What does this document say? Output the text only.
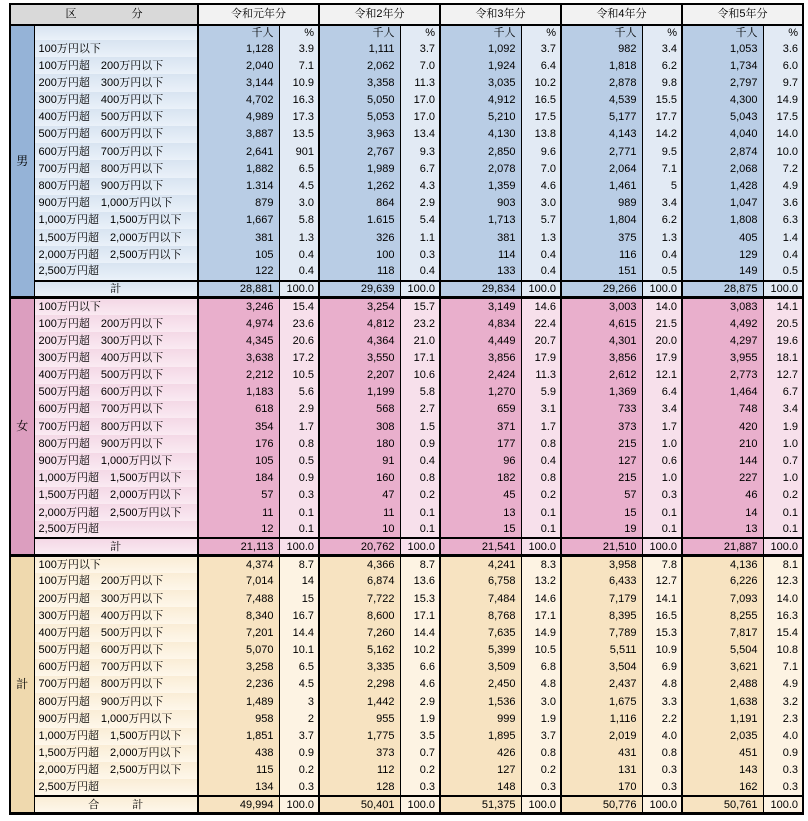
区　　　　　分		令和元年分		令和2年分		令和3年分		令和4年分		令和5年分	
男		千人	%	千人	%	千人	%	千人	%	千人	%
	100万円以下	1,128	3.9	1,111	3.7	1,092	3.7	982	3.4	1,053	3.6
	100万円超　200万円以下	2,040	7.1	2,062	7.0	1,924	6.4	1,818	6.2	1,734	6.0
	200万円超　300万円以下	3,144	10.9	3,358	11.3	3,035	10.2	2,878	9.8	2,797	9.7
	300万円超　400万円以下	4,702	16.3	5,050	17.0	4,912	16.5	4,539	15.5	4,300	14.9
	400万円超　500万円以下	4,989	17.3	5,053	17.0	5,210	17.5	5,177	17.7	5,043	17.5
	500万円超　600万円以下	3,887	13.5	3,963	13.4	4,130	13.8	4,143	14.2	4,040	14.0
	600万円超　700万円以下	2,641	901	2,767	9.3	2,850	9.6	2,771	9.5	2,874	10.0
	700万円超　800万円以下	1,882	6.5	1,989	6.7	2,078	7.0	2,064	7.1	2,068	7.2
	800万円超　900万円以下	1.314	4.5	1,262	4.3	1,359	4.6	1,461	5	1,428	4.9
	900万円超　1,000万円以下	879	3.0	864	2.9	903	3.0	989	3.4	1,047	3.6
	1,000万円超　1,500万円以下	1,667	5.8	1.615	5.4	1,713	5.7	1,804	6.2	1,808	6.3
	1,500万円超　2,000万円以下	381	1.3	326	1.1	381	1.3	375	1.3	405	1.4
	2,000万円超　2,500万円以下	105	0.4	100	0.3	114	0.4	116	0.4	129	0.4
	2,500万円超	122	0.4	118	0.4	133	0.4	151	0.5	149	0.5
	計	28,881	100.0	29,639	100.0	29,834	100.0	29,266	100.0	28,875	100.0
女	100万円以下	3,246	15.4	3,254	15.7	3,149	14.6	3,003	14.0	3,083	14.1
	100万円超　200万円以下	4,974	23.6	4,812	23.2	4,834	22.4	4,615	21.5	4,492	20.5
	200万円超　300万円以下	4,345	20.6	4,364	21.0	4,449	20.7	4,301	20.0	4,297	19.6
	300万円超　400万円以下	3,638	17.2	3,550	17.1	3,856	17.9	3,856	17.9	3,955	18.1
	400万円超　500万円以下	2,212	10.5	2,207	10.6	2,424	11.3	2,612	12.1	2,773	12.7
	500万円超　600万円以下	1,183	5.6	1,199	5.8	1,270	5.9	1,369	6.4	1,464	6.7
	600万円超　700万円以下	618	2.9	568	2.7	659	3.1	733	3.4	748	3.4
	700万円超　800万円以下	354	1.7	308	1.5	371	1.7	373	1.7	420	1.9
	800万円超　900万円以下	176	0.8	180	0.9	177	0.8	215	1.0	210	1.0
	900万円超　1,000万円以下	105	0.5	91	0.4	96	0.4	127	0.6	144	0.7
	1,000万円超　1,500万円以下	184	0.9	160	0.8	182	0.8	215	1.0	227	1.0
	1,500万円超　2,000万円以下	57	0.3	47	0.2	45	0.2	57	0.3	46	0.2
	2,000万円超　2,500万円以下	11	0.1	11	0.1	13	0.1	15	0.1	14	0.1
	2,500万円超	12	0.1	10	0.1	15	0.1	19	0.1	13	0.1
	計	21,113	100.0	20,762	100.0	21,541	100.0	21,510	100.0	21,887	100.0
計	100万円以下	4,374	8.7	4,366	8.7	4,241	8.3	3,958	7.8	4,136	8.1
	100万円超　200万円以下	7,014	14	6,874	13.6	6,758	13.2	6,433	12.7	6,226	12.3
	200万円超　300万円以下	7,488	15	7,722	15.3	7,484	14.6	7,179	14.1	7,093	14.0
	300万円超　400万円以下	8,340	16.7	8,600	17.1	8,768	17.1	8,395	16.5	8,255	16.3
	400万円超　500万円以下	7,201	14.4	7,260	14.4	7,635	14.9	7,789	15.3	7,817	15.4
	500万円超　600万円以下	5,070	10.1	5,162	10.2	5,399	10.5	5,511	10.9	5,504	10.8
	600万円超　700万円以下	3,258	6.5	3,335	6.6	3,509	6.8	3,504	6.9	3,621	7.1
	700万円超　800万円以下	2,236	4.5	2,298	4.6	2,450	4.8	2,437	4.8	2,488	4.9
	800万円超　900万円以下	1,489	3	1,442	2.9	1,536	3.0	1,675	3.3	1,638	3.2
	900万円超　1,000万円以下	958	2	955	1.9	999	1.9	1,116	2.2	1,191	2.3
	1,000万円超　1,500万円以下	1,851	3.7	1,775	3.5	1,895	3.7	2,019	4.0	2,035	4.0
	1,500万円超　2,000万円以下	438	0.9	373	0.7	426	0.8	431	0.8	451	0.9
	2,000万円超　2,500万円以下	115	0.2	112	0.2	127	0.2	131	0.3	143	0.3
	2,500万円超	134	0.3	128	0.3	148	0.3	170	0.3	162	0.3
	合　　　計	49,994	100.0	50,401	100.0	51,375	100.0	50,776	100.0	50,761	100.0
